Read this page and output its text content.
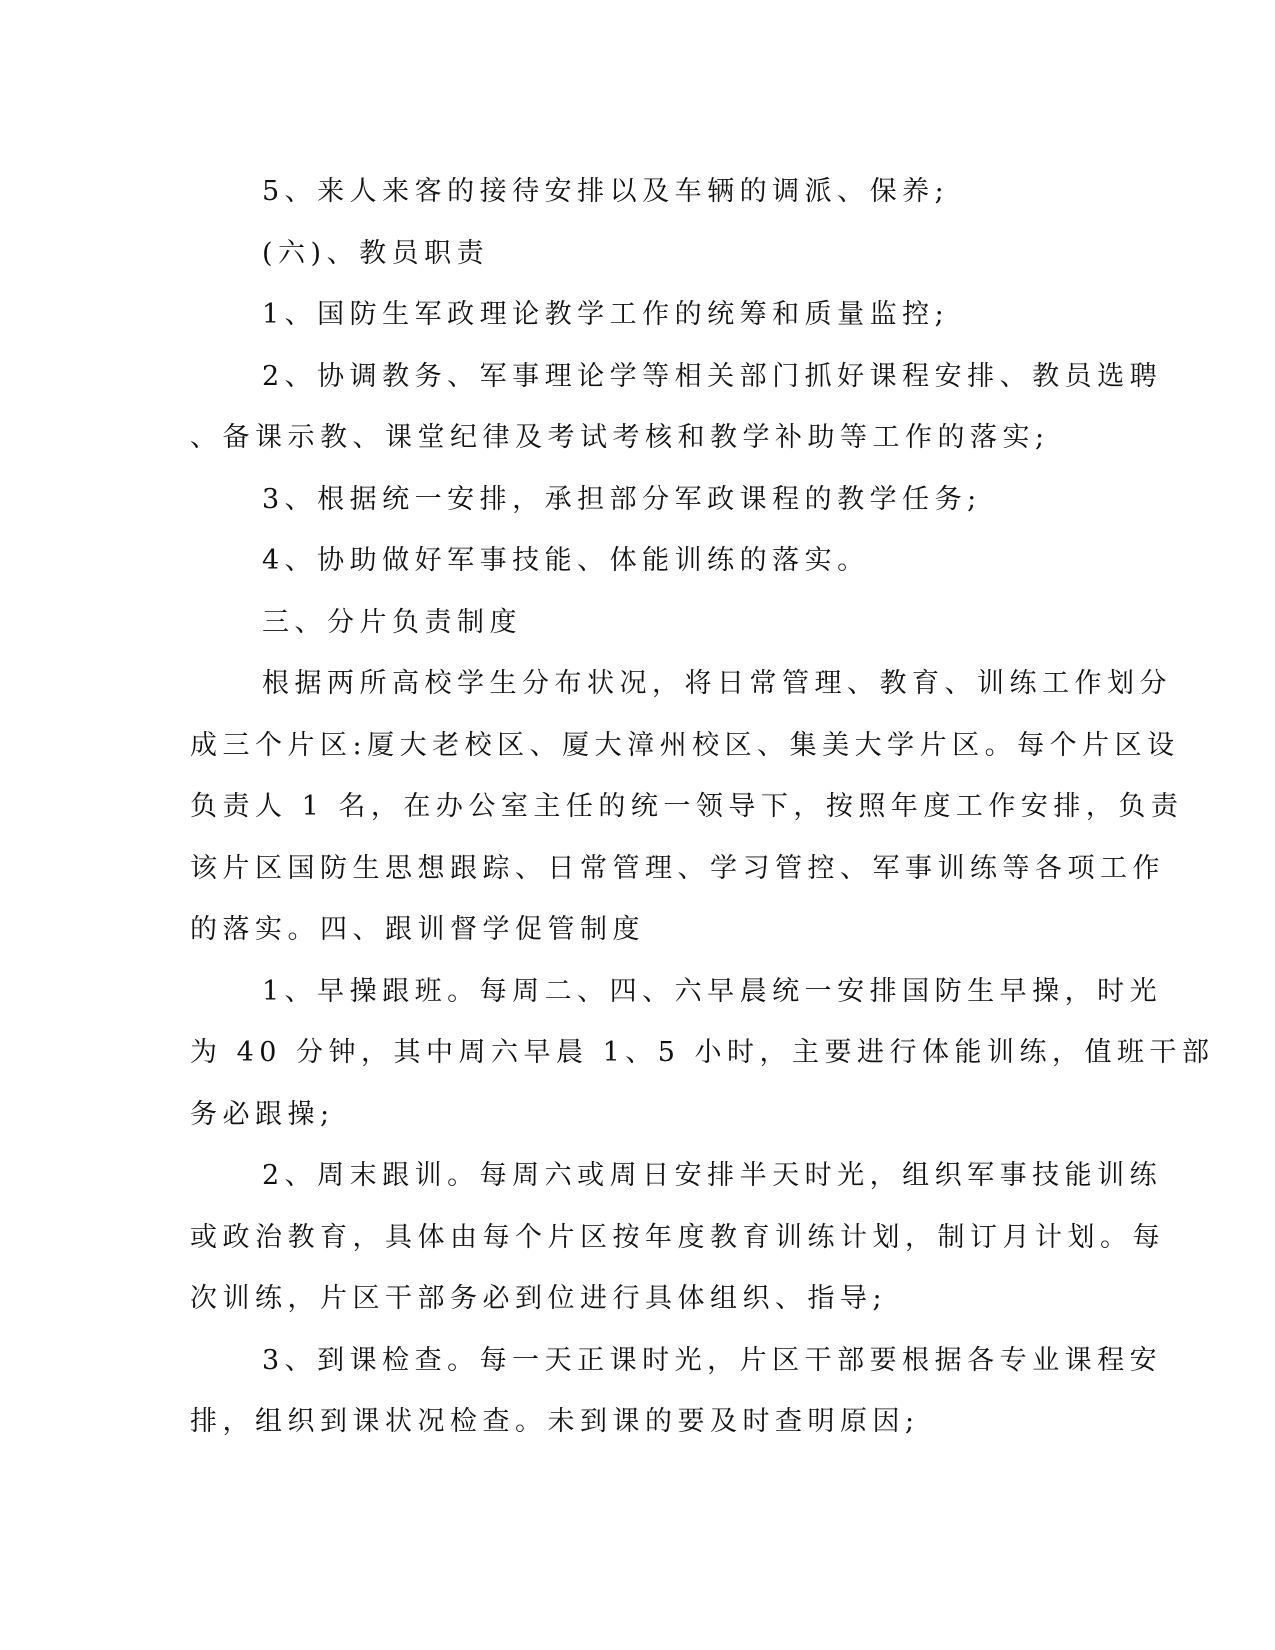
5、来人来客的接待安排以及车辆的调派、保养;

(六)、教员职责

1、国防生军政理论教学工作的统筹和质量监控;

2、协调教务、军事理论学等相关部门抓好课程安排、教员选聘

、备课示教、课堂纪律及考试考核和教学补助等工作的落实;

3、根据统一安排，承担部分军政课程的教学任务;

4、协助做好军事技能、体能训练的落实。

三、分片负责制度

根据两所高校学生分布状况，将日常管理、教育、训练工作划分

成三个片区:厦大老校区、厦大漳州校区、集美大学片区。每个片区设

负责人 1 名，在办公室主任的统一领导下，按照年度工作安排，负责

该片区国防生思想跟踪、日常管理、学习管控、军事训练等各项工作

的落实。四、跟训督学促管制度

1、早操跟班。每周二、四、六早晨统一安排国防生早操，时光

为 40 分钟，其中周六早晨 1、5 小时，主要进行体能训练，值班干部

务必跟操;

2、周末跟训。每周六或周日安排半天时光，组织军事技能训练

或政治教育，具体由每个片区按年度教育训练计划，制订月计划。每

次训练，片区干部务必到位进行具体组织、指导;

3、到课检查。每一天正课时光，片区干部要根据各专业课程安

排，组织到课状况检查。未到课的要及时查明原因;
